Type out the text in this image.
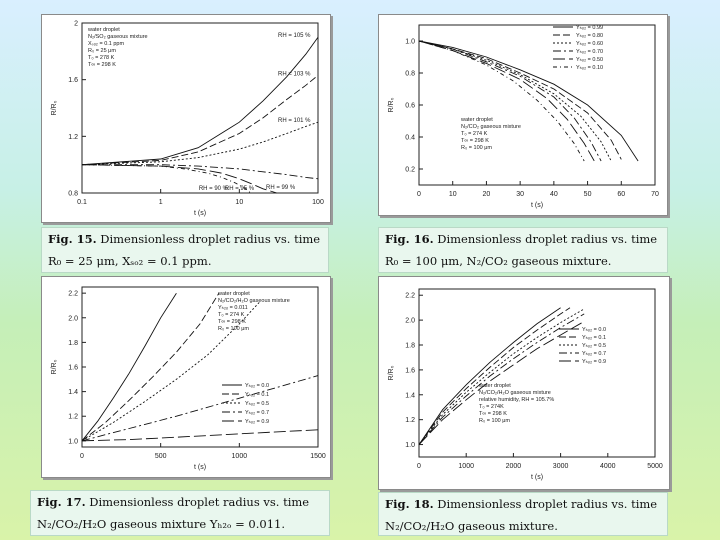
0.1	1	10	100
0.8
1.2
1.6
2
t (s)
R/R₀
RH = 105 %
RH = 103 %
RH = 101 %
RH = 99 %
RH = 95 %
RH = 90 %
water droplet
N₂/SO₂ gaseous mixture
Xₛₒ₂ = 0.1 ppm
R₀ = 25 μm
T₀ = 278 K
T∞ = 298 K
0	10	20	30	40	50	60	70
0.2
0.4
0.6
0.8
1.0
t (s)
R/R₀
Yₕₒ₂ = 0.99
Yₕₒ₂ = 0.80
Yₕₒ₂ = 0.60
Yₕₒ₂ = 0.70
Yₕₒ₂ = 0.50
Yₕₒ₂ = 0.10
water droplet
N₂/CO₂ gaseous mixture
T₀ = 274 K
T∞ = 298 K
R₀ = 100 μm
0	500	1000	1500
1.0
1.2
1.4
1.6
1.8
2.0
2.2
t (s)
R/R₀
Yₕₒ₂ = 0.0
Yₕₒ₂ = 0.1
Yₕₒ₂ = 0.5
Yₕₒ₂ = 0.7
Yₕₒ₂ = 0.9
water droplet
N₂/CO₂/H₂O gaseous mixture
Yₕ₂ₒ = 0.011
T₀ = 274 K
T∞ = 298 K
R₀ = 100 μm
0	1000	2000	3000	4000	5000
1.0
1.2
1.4
1.6
1.8
2.0
2.2
t (s)
R/R₀
Yₕₒ₂ = 0.0
Yₕₒ₂ = 0.1
Yₕₒ₂ = 0.5
Yₕₒ₂ = 0.7
Yₕₒ₂ = 0.9
water droplet
N₂/CO₂/H₂O gaseous mixture
relative humidity, RH = 105.7%
T₀ = 274K
T∞ = 298 K
R₀ = 100 μm
Fig. 15. Dimensionless droplet radius vs. time
R₀ = 25 μm, Xₛₒ₂ = 0.1 ppm.
Fig. 16. Dimensionless droplet radius vs. time
R₀ = 100 μm, N₂/CO₂ gaseous mixture.
Fig. 17. Dimensionless droplet radius vs. time
N₂/CO₂/H₂O gaseous mixture Yₕ₂ₒ = 0.011.
Fig. 18. Dimensionless droplet radius vs. time
N₂/CO₂/H₂O gaseous mixture.
